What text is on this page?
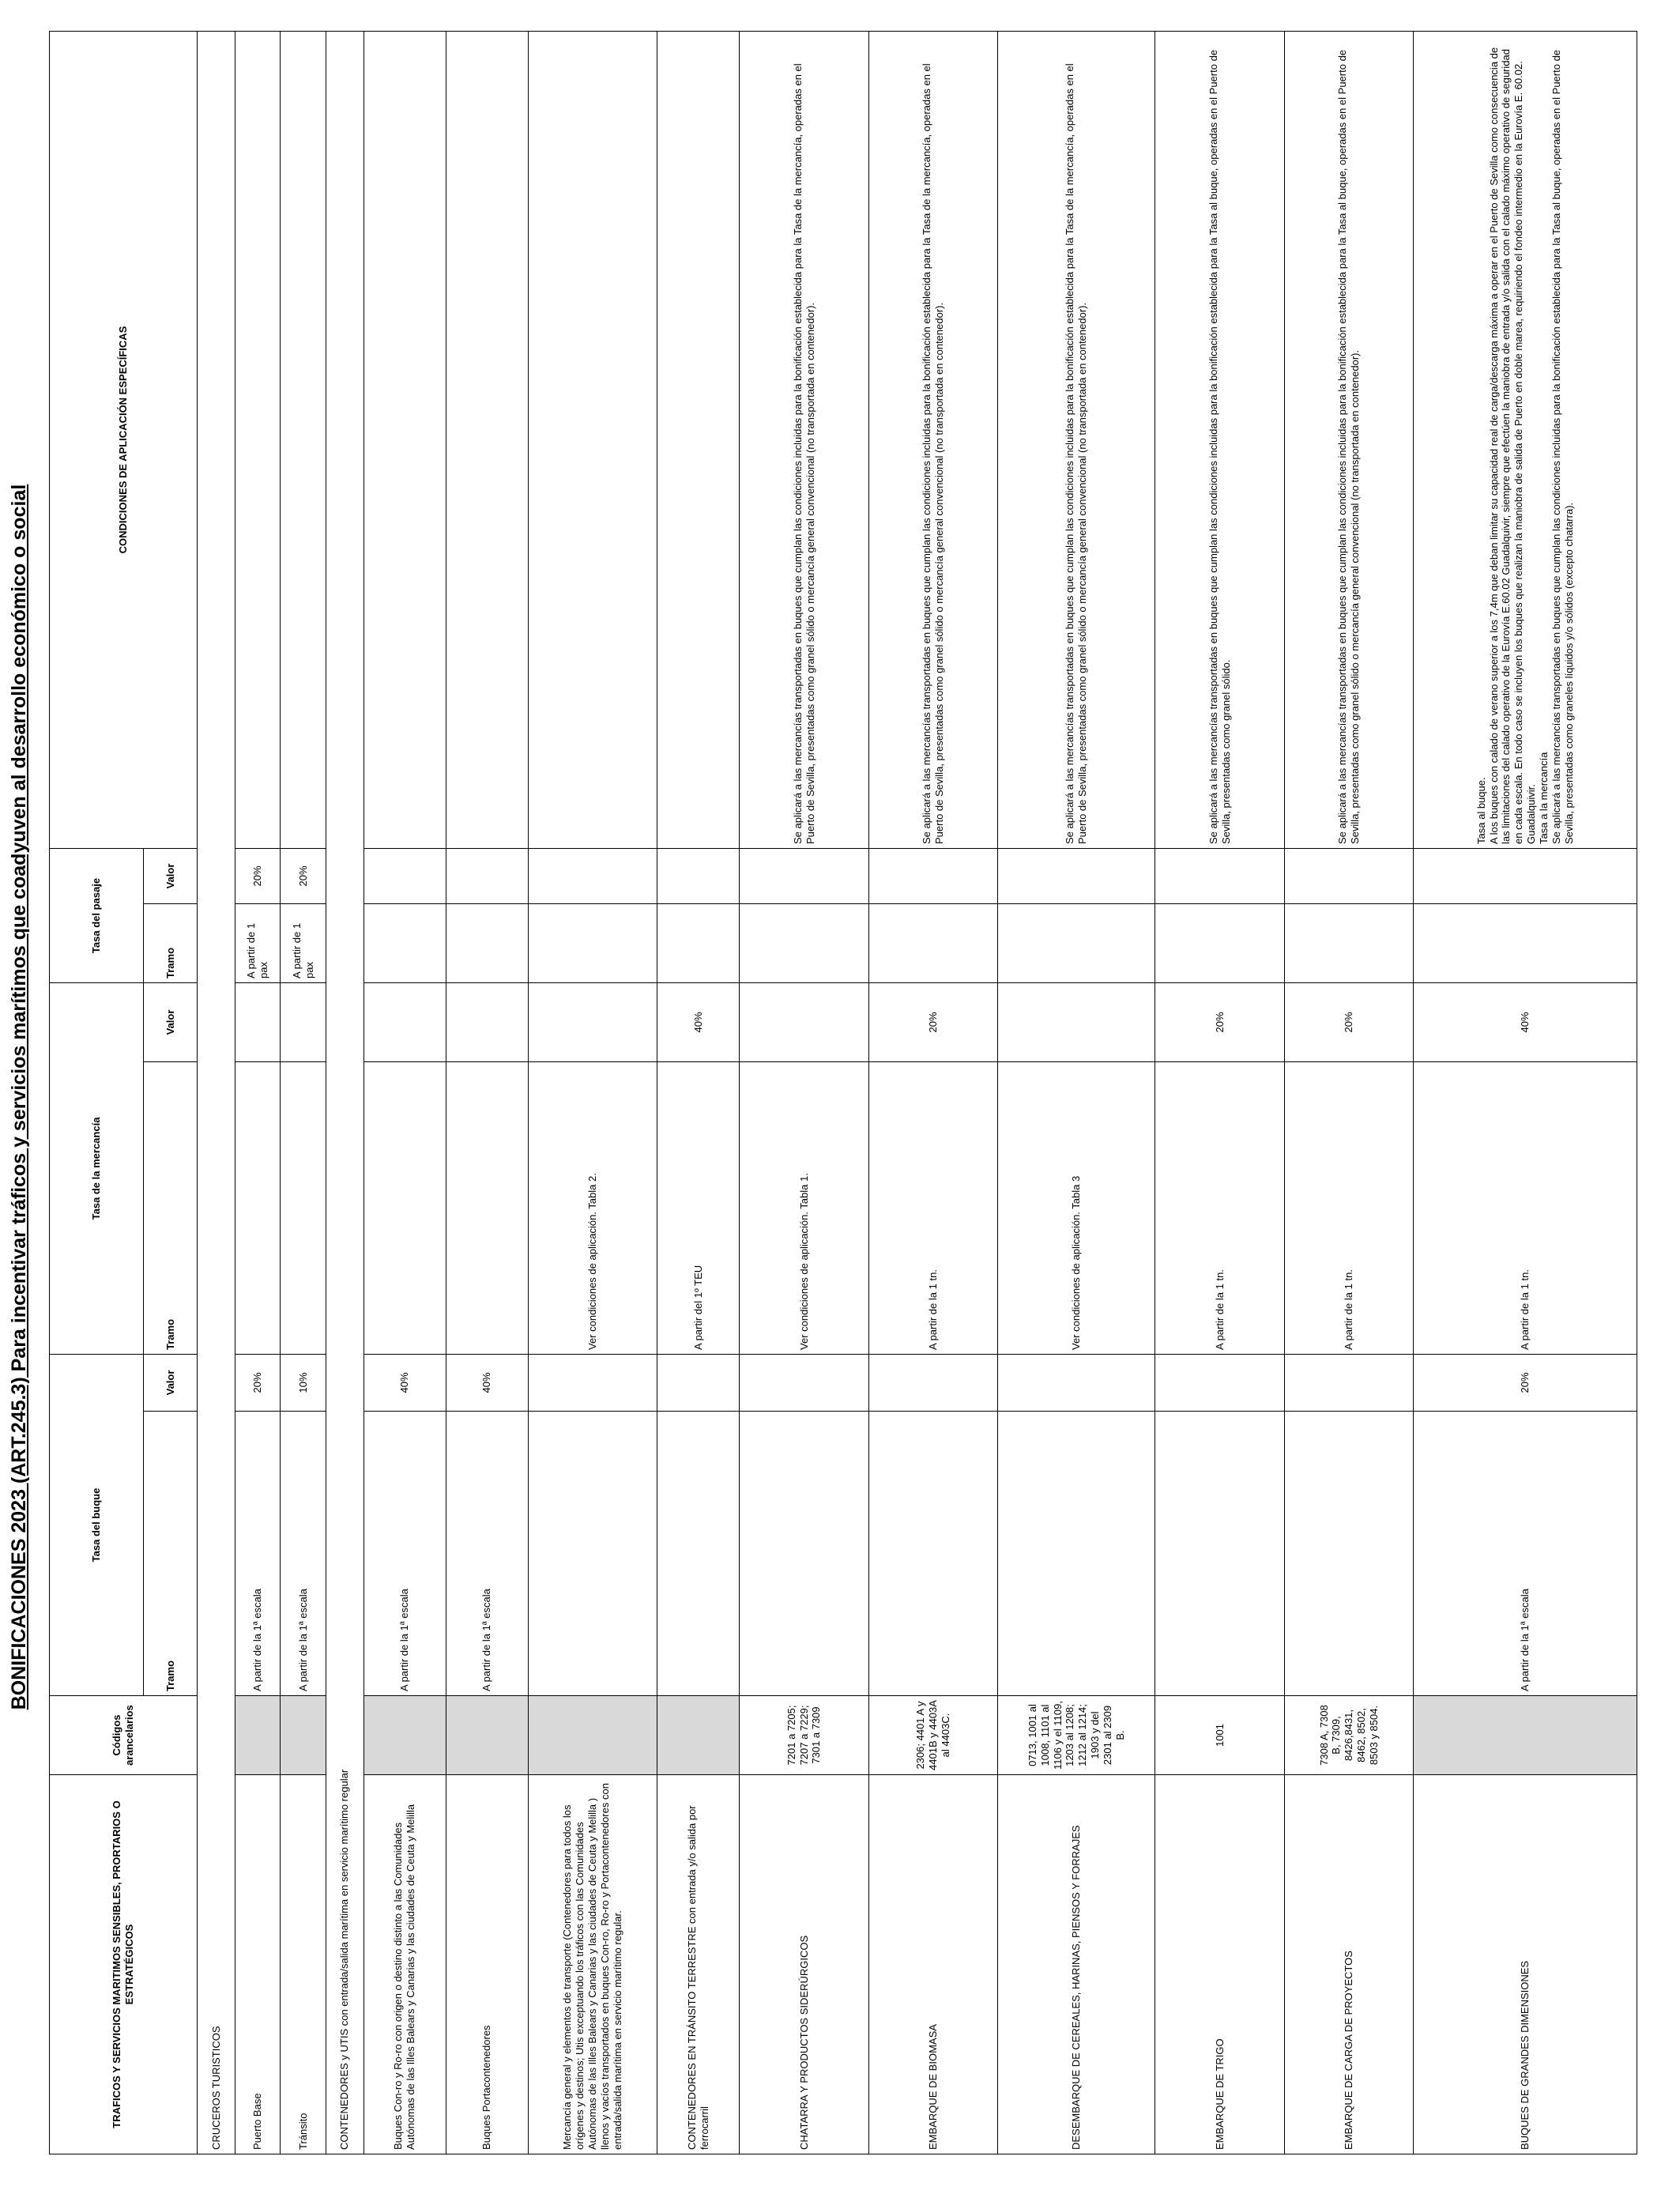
BONIFICACIONES 2023 (ART.245.3) Para incentivar tráficos y servicios marítimos que coadyuven al desarrollo económico o social
TRAFICOS Y SERVICIOS MARITIMOS SENSIBLES, PRORTARIOS O ESTRATÉGICOS	Códigos arancelarios	Tasa del buque		Tasa de la mercancía		Tasa del pasaje		CONDICIONES DE APLICACIÓN ESPECÍFICAS
		Tramo	Valor	Tramo	Valor	Tramo	Valor	
CRUCEROS TURISTICOS								
Puerto Base		A partir de la 1ª escala	20%			A partir de 1 pax	20%	
Tránsito		A partir de la 1ª escala	10%			A partir de 1 pax	20%	
CONTENEDORES y UTIS con entrada/salida marítima en servicio marítimo regular								
Buques Con-ro y Ro-ro con origen o destino distinto a las Comunidades Autónomas de las Illes Balears y Canarias y las ciudades de Ceuta y Melilla		A partir de la 1ª escala	40%					
Buques Portacontenedores		A partir de la 1ª escala	40%					
Mercancía general y elementos de transporte (Contenedores para todos los orígenes y destinos; Utis exceptuando los tráficos con las Comunidades Autónomas de las Illes Balears y Canarias y las ciudades de Ceuta y Melilla ) llenos y vacíos transportados en buques Con-ro, Ro-ro y Portacontenedores con entrada/salida marítima en servicio marítimo regular.				Ver condiciones de aplicación. Tabla 2.				
CONTENEDORES EN TRÁNSITO TERRESTRE con entrada y/o salida por ferrocarril				A partir del 1º TEU	40%			
CHATARRA Y PRODUCTOS SIDERÚRGICOS	7201 a 7205; 7207 a 7229; 7301 a 7309			Ver condiciones de aplicación. Tabla 1.				Se aplicará a las mercancías transportadas en buques que cumplan las condiciones incluidas para la bonificación establecida para la Tasa de la mercancía, operadas en el Puerto de Sevilla, presentadas como granel sólido o mercancía general convencional (no transportada en contenedor).
EMBARQUE DE BIOMASA	2306; 4401 A y 4401B y 4403A al 4403C.			A partir de la 1 tn.	20%			Se aplicará a las mercancías transportadas en buques que cumplan las condiciones incluidas para la bonificación establecida para la Tasa de la mercancía, operadas en el Puerto de Sevilla, presentadas como granel sólido o mercancía general convencional (no transportada en contenedor).
DESEMBARQUE DE CEREALES, HARINAS, PIENSOS Y FORRAJES	0713, 1001 al 1008, 1101 al 1106 y el 1109, 1203 al 1208; 1212 al 1214; 1903 y del 2301 al 2309 B.			Ver condiciones de aplicación. Tabla 3				Se aplicará a las mercancías transportadas en buques que cumplan las condiciones incluidas para la bonificación establecida para la Tasa de la mercancía, operadas en el Puerto de Sevilla, presentadas como granel sólido o mercancía general convencional (no transportada en contenedor).
EMBARQUE DE TRIGO	1001			A partir de la 1 tn.	20%			Se aplicará a las mercancías transportadas en buques que cumplan las condiciones incluidas para la bonificación establecida para la Tasa al buque, operadas en el Puerto de Sevilla, presentadas como granel sólido.
EMBARQUE DE CARGA DE PROYECTOS	7308 A, 7308 B, 7309, 8426,8431, 8462, 8502, 8503 y 8504.			A partir de la 1 tn.	20%			Se aplicará a las mercancías transportadas en buques que cumplan las condiciones incluidas para la bonificación establecida para la Tasa al buque, operadas en el Puerto de Sevilla, presentadas como granel sólido o mercancía general convencional (no transportada en contenedor).
BUQUES DE GRANDES DIMENSIONES		A partir de la 1ª escala	20%	A partir de la 1 tn.	40%			Tasa al buque.
A los buques con calado de verano superior a los 7,4m que deban limitar su capacidad real de carga/descarga máxima a operar en el Puerto de Sevilla como consecuencia de las limitaciones del calado operativo de la Eurovía E.60.02 Guadalquivir, siempre que efectúen la maniobra de entrada y/o salida con el calado máximo operativo de seguridad en cada escala. En todo caso se incluyen los buques que realizan la maniobra de salida de Puerto en doble marea, requiriendo el fondeo intermedio en la Eurovía E. 60.02. Guadalquivir.
Tasa a la mercancía
Se aplicará a las mercancías transportadas en buques que cumplan las condiciones incluidas para la bonificación establecida para la Tasa al buque, operadas en el Puerto de Sevilla, presentadas como graneles líquidos y/o sólidos (excepto chatarra).
